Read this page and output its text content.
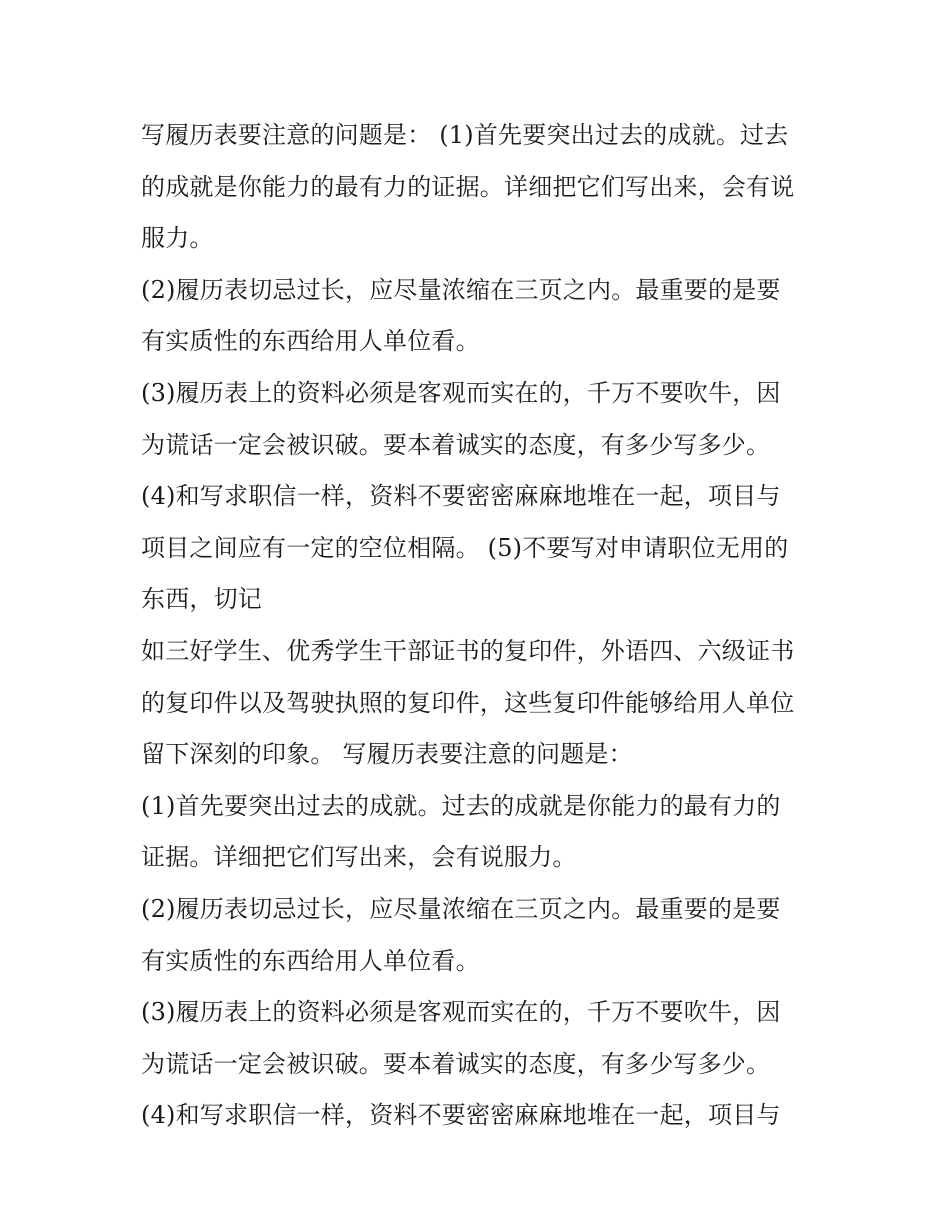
写履历表要注意的问题是： (1)首先要突出过去的成就。过去
的成就是你能力的最有力的证据。详细把它们写出来，会有说
服力。
(2)履历表切忌过长，应尽量浓缩在三页之内。最重要的是要
有实质性的东西给用人单位看。
(3)履历表上的资料必须是客观而实在的，千万不要吹牛，因
为谎话一定会被识破。要本着诚实的态度，有多少写多少。
(4)和写求职信一样，资料不要密密麻麻地堆在一起，项目与
项目之间应有一定的空位相隔。 (5)不要写对申请职位无用的
东西，切记
如三好学生、优秀学生干部证书的复印件，外语四、六级证书
的复印件以及驾驶执照的复印件，这些复印件能够给用人单位
留下深刻的印象。 写履历表要注意的问题是：
(1)首先要突出过去的成就。过去的成就是你能力的最有力的
证据。详细把它们写出来，会有说服力。
(2)履历表切忌过长，应尽量浓缩在三页之内。最重要的是要
有实质性的东西给用人单位看。
(3)履历表上的资料必须是客观而实在的，千万不要吹牛，因
为谎话一定会被识破。要本着诚实的态度，有多少写多少。
(4)和写求职信一样，资料不要密密麻麻地堆在一起，项目与
